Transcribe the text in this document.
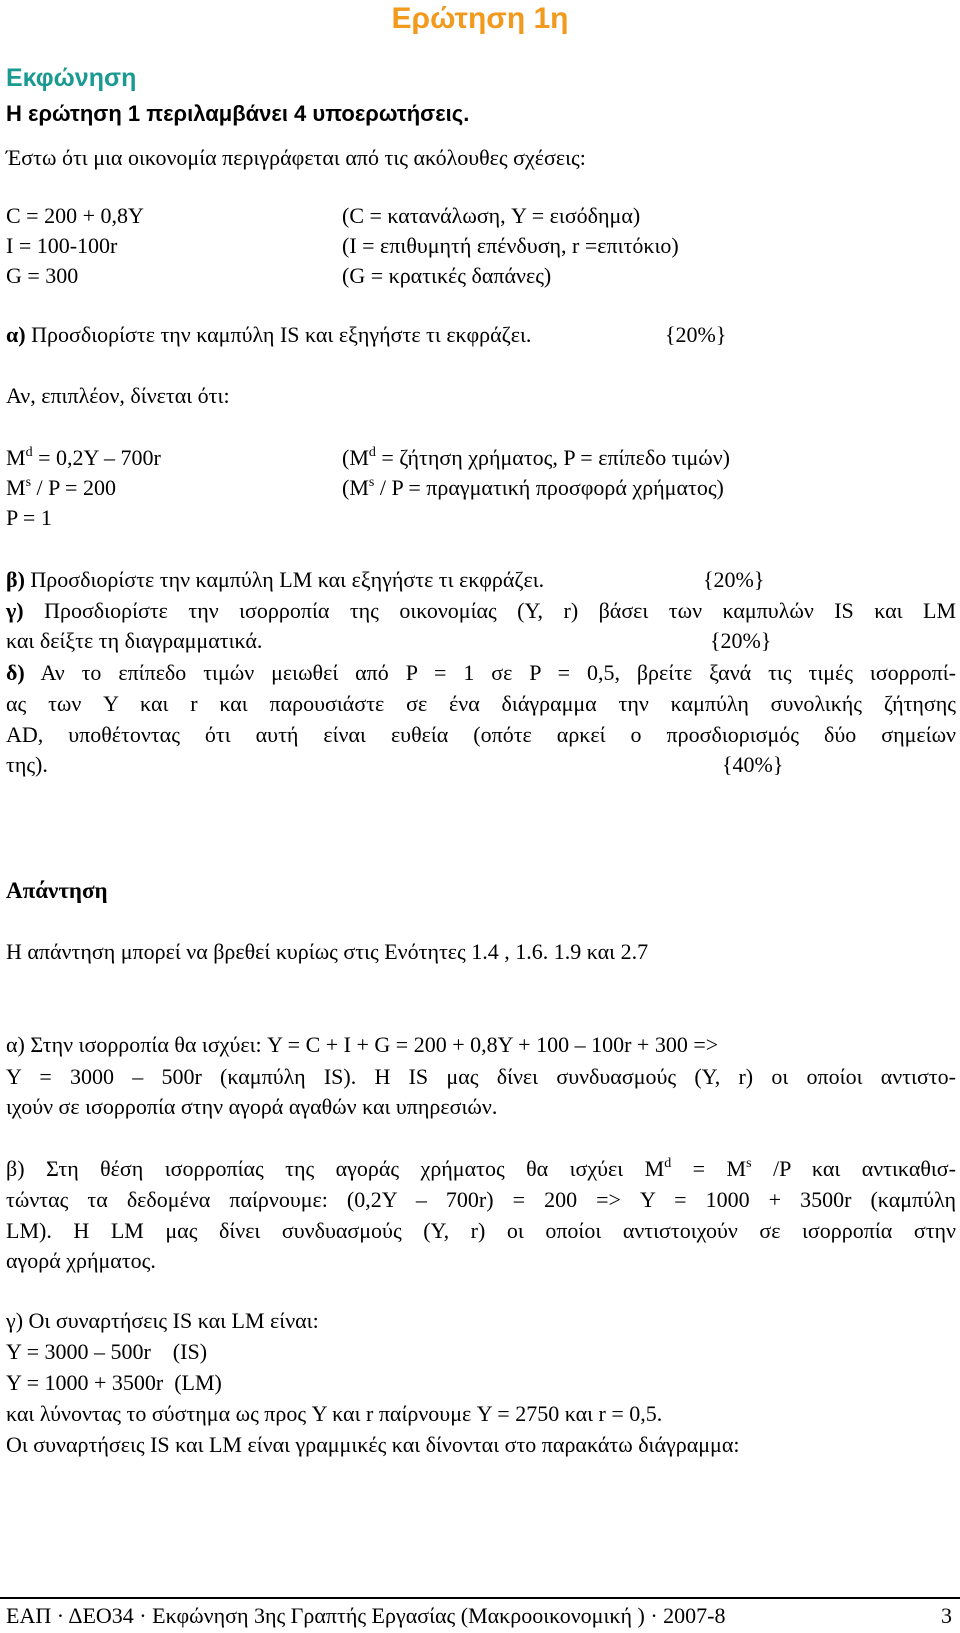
Ερώτηση 1η
Εκφώνηση
Η ερώτηση 1 περιλαμβάνει 4 υποερωτήσεις.
Έστω ότι μια οικονομία περιγράφεται από τις ακόλουθες σχέσεις:
C = 200 + 0,8Y	(C = κατανάλωση, Y = εισόδημα)
I = 100-100r	(I = επιθυμητή επένδυση, r =επιτόκιο)
G = 300	(G = κρατικές δαπάνες)
α) Προσδιορίστε την καμπύλη IS και εξηγήστε τι εκφράζει.	{20%}
Αν, επιπλέον, δίνεται ότι:
$M^d = 0,2Y - 700r$	($M^d = \zeta ή\tau\eta\sigma\eta$ χρήματος, P = επίπεδο τιμών)
$M^s / P = 200$	($M^s / P = \pi\rho\alpha\gamma\mu\alpha\tau\iota\kappa ή$ προσφορά χρήματος)
P = 1
β) Προσδιορίστε την καμπύλη LM και εξηγήστε τι εκφράζει.	{20%}
γ) Προσδιορίστε την ισορροπία της οικονομίας (Y, r) βάσει των καμπυλών IS και LM
και δείξτε τη διαγραμματικά.	{20%}
δ) Αν το επίπεδο τιμών μειωθεί από P = 1 σε P = 0,5, βρείτε ξανά τις τιμές ισορροπί-
ας των Y και r και παρουσιάστε σε ένα διάγραμμα την καμπύλη συνολικής ζήτησης
AD, υποθέτοντας ότι αυτή είναι ευθεία (οπότε αρκεί ο προσδιορισμός δύο σημείων
της).	{40%}
Απάντηση
Η απάντηση μπορεί να βρεθεί κυρίως στις Ενότητες 1.4 , 1.6. 1.9 και 2.7
α) Στην ισορροπία θα ισχύει: Y = C + I + G = 200 + 0,8Y + 100 – 100r + 300 =>
Y = 3000 – 500r (καμπύλη IS). Η IS μας δίνει συνδυασμούς (Y, r) οι οποίοι αντιστο-
ιχούν σε ισορροπία στην αγορά αγαθών και υπηρεσιών.
β) Στη θέση ισορροπίας της αγοράς χρήματος θα ισχύει $M^d = M^s$ /P και αντικαθισ-
τώντας τα δεδομένα παίρνουμε: (0,2Y – 700r) = 200 => Y = 1000 + 3500r (καμπύλη
LM). Η LM μας δίνει συνδυασμούς (Y, r) οι οποίοι αντιστοιχούν σε ισορροπία στην
αγορά χρήματος.
γ) Οι συναρτήσεις IS και LM είναι:
Y = 3000 – 500r    (IS)
Y = 1000 + 3500r  (LM)
και λύνοντας το σύστημα ως προς Y και r παίρνουμε Y = 2750 και r = 0,5.
Οι συναρτήσεις IS και LM είναι γραμμικές και δίνονται στο παρακάτω διάγραμμα:
ΕΑΠ · ΔΕΟ34 · Εκφώνηση 3ης Γραπτής Εργασίας (Μακροοικονομική ) · 2007-8	3
